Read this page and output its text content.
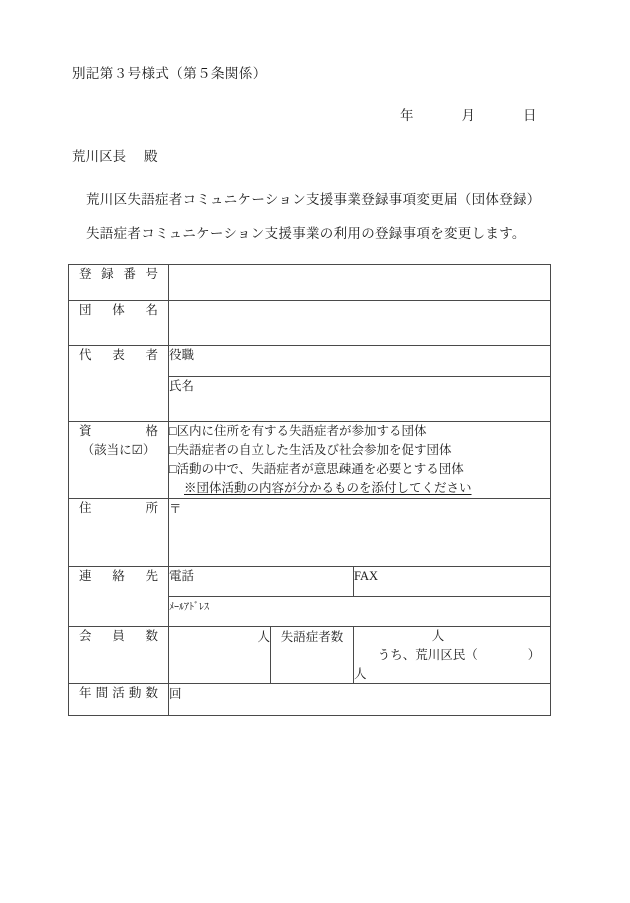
別記第３号様式（第５条関係）
年	月	日
荒川区長 殿
荒川区失語症者コミュニケーション支援事業登録事項変更届（団体登録）
失語症者コミュニケーション支援事業の利用の登録事項を変更します。
登録番号			

団体名			

代表者	役職		
	氏名		

資格
（該当に☑）

□区内に住所を有する失語症者が参加する団体
□失語症者の自立した生活及び社会参加を促す団体
□活動の中で、失語症者が意思疎通を必要とする団体
※団体活動の内容が分かるものを添付してください

住所	〒		

連絡先	電話		FAX
	ﾒｰﾙｱﾄﾞﾚｽ		

会員数	人	失語症者数	人
うち、荒川区民（　　　　）
人

年間活動数	回		
